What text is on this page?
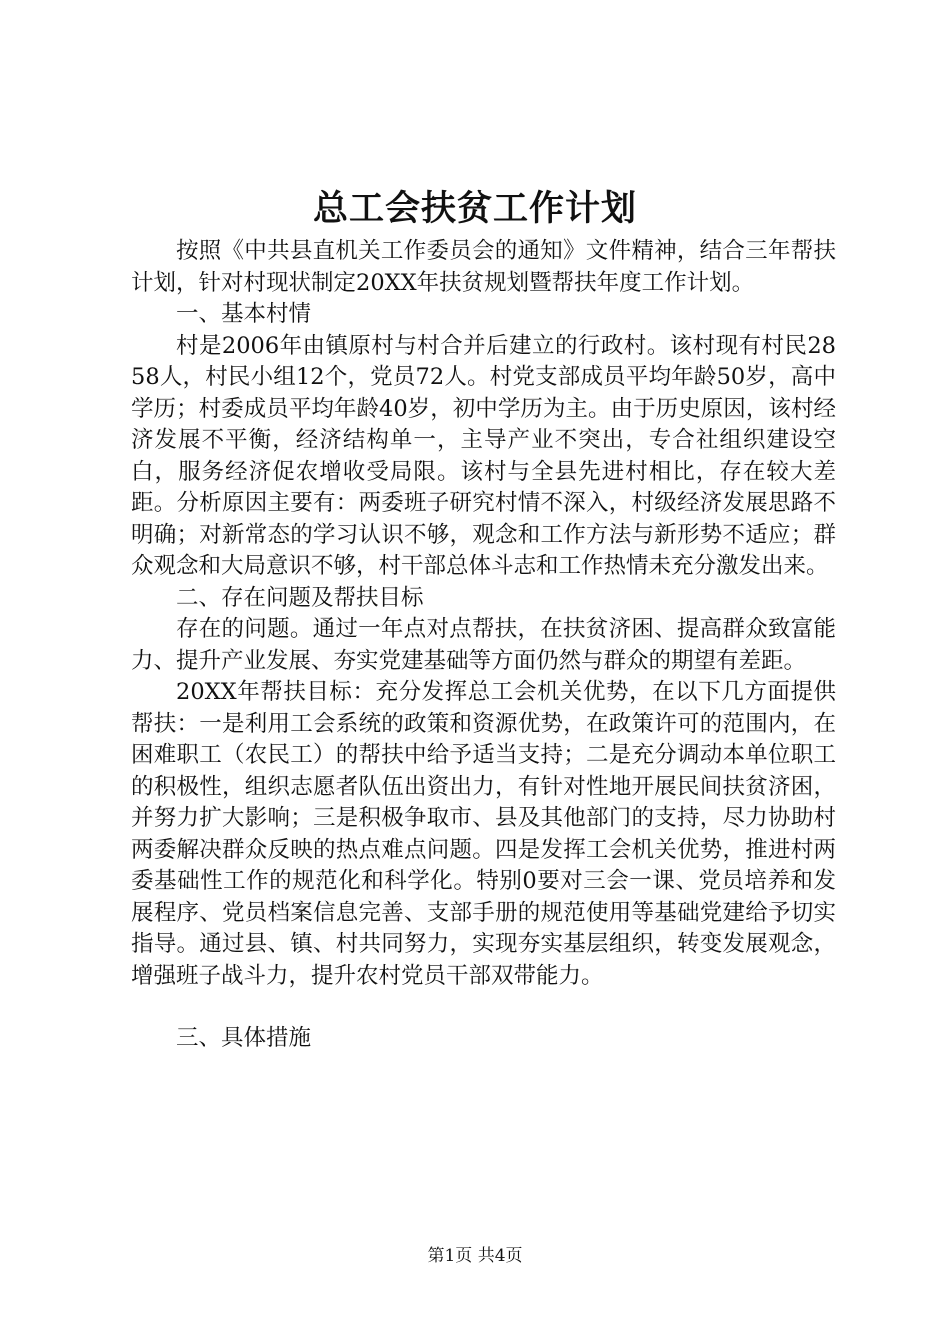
总工会扶贫工作计划

按照《中共县直机关工作委员会的通知》文件精神，结合三年帮扶计划，针对村现状制定20XX年扶贫规划暨帮扶年度工作计划。

一、基本村情

村是2006年由镇原村与村合并后建立的行政村。该村现有村民2858人，村民小组12个，党员72人。村党支部成员平均年龄50岁，高中学历；村委成员平均年龄40岁，初中学历为主。由于历史原因，该村经济发展不平衡，经济结构单一，主导产业不突出，专合社组织建设空白，服务经济促农增收受局限。该村与全县先进村相比，存在较大差距。分析原因主要有：两委班子研究村情不深入，村级经济发展思路不明确；对新常态的学习认识不够，观念和工作方法与新形势不适应；群众观念和大局意识不够，村干部总体斗志和工作热情未充分激发出来。

二、存在问题及帮扶目标

存在的问题。通过一年点对点帮扶，在扶贫济困、提高群众致富能力、提升产业发展、夯实党建基础等方面仍然与群众的期望有差距。

20XX年帮扶目标：充分发挥总工会机关优势，在以下几方面提供帮扶：一是利用工会系统的政策和资源优势，在政策许可的范围内，在困难职工（农民工）的帮扶中给予适当支持；二是充分调动本单位职工的积极性，组织志愿者队伍出资出力，有针对性地开展民间扶贫济困，并努力扩大影响；三是积极争取市、县及其他部门的支持，尽力协助村两委解决群众反映的热点难点问题。四是发挥工会机关优势，推进村两委基础性工作的规范化和科学化。特别0要对三会一课、党员培养和发展程序、党员档案信息完善、支部手册的规范使用等基础党建给予切实指导。通过县、镇、村共同努力，实现夯实基层组织，转变发展观念，增强班子战斗力，提升农村党员干部双带能力。

三、具体措施

第1页 共4页
